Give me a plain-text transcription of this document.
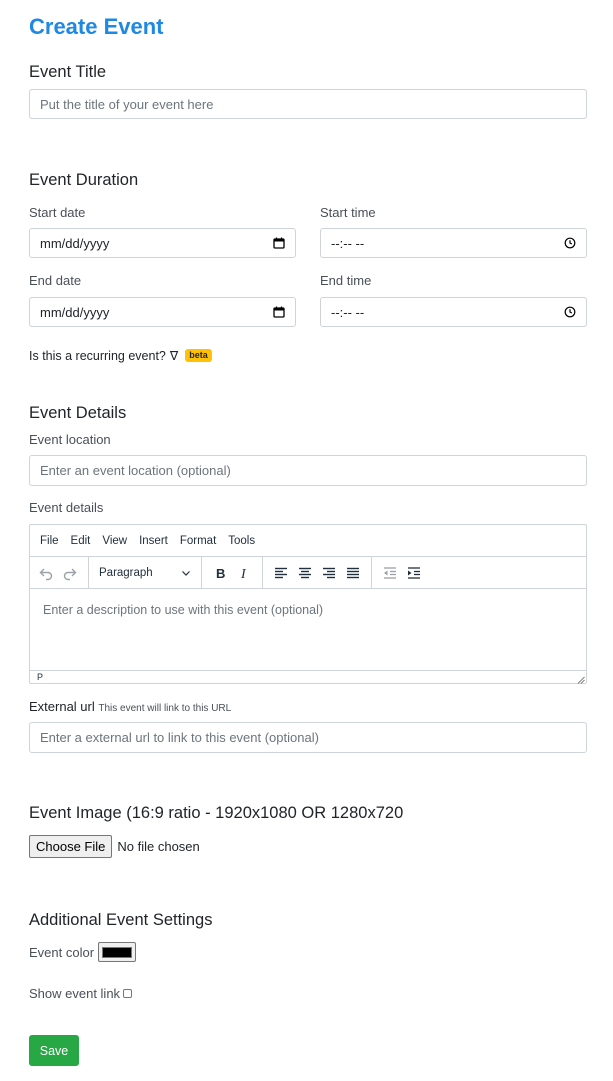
Create Event
Event Title
Put the title of your event here
Event Duration
Start date
mm/dd/yyyy
Start time
--:-- --
End date
mm/dd/yyyy
End time
--:-- --
Is this a recurring event? ∇	beta
Event Details
Event location
Enter an event location (optional)
Event details
File Edit View Insert Format Tools
Paragraph	B I
Enter a description to use with this event (optional)
P
External url This event will link to this URL
Enter a external url to link to this event (optional)
Event Image (16:9 ratio - 1920x1080 OR 1280x720
Choose File No file chosen
Additional Event Settings
Event color
Show event link
Save
